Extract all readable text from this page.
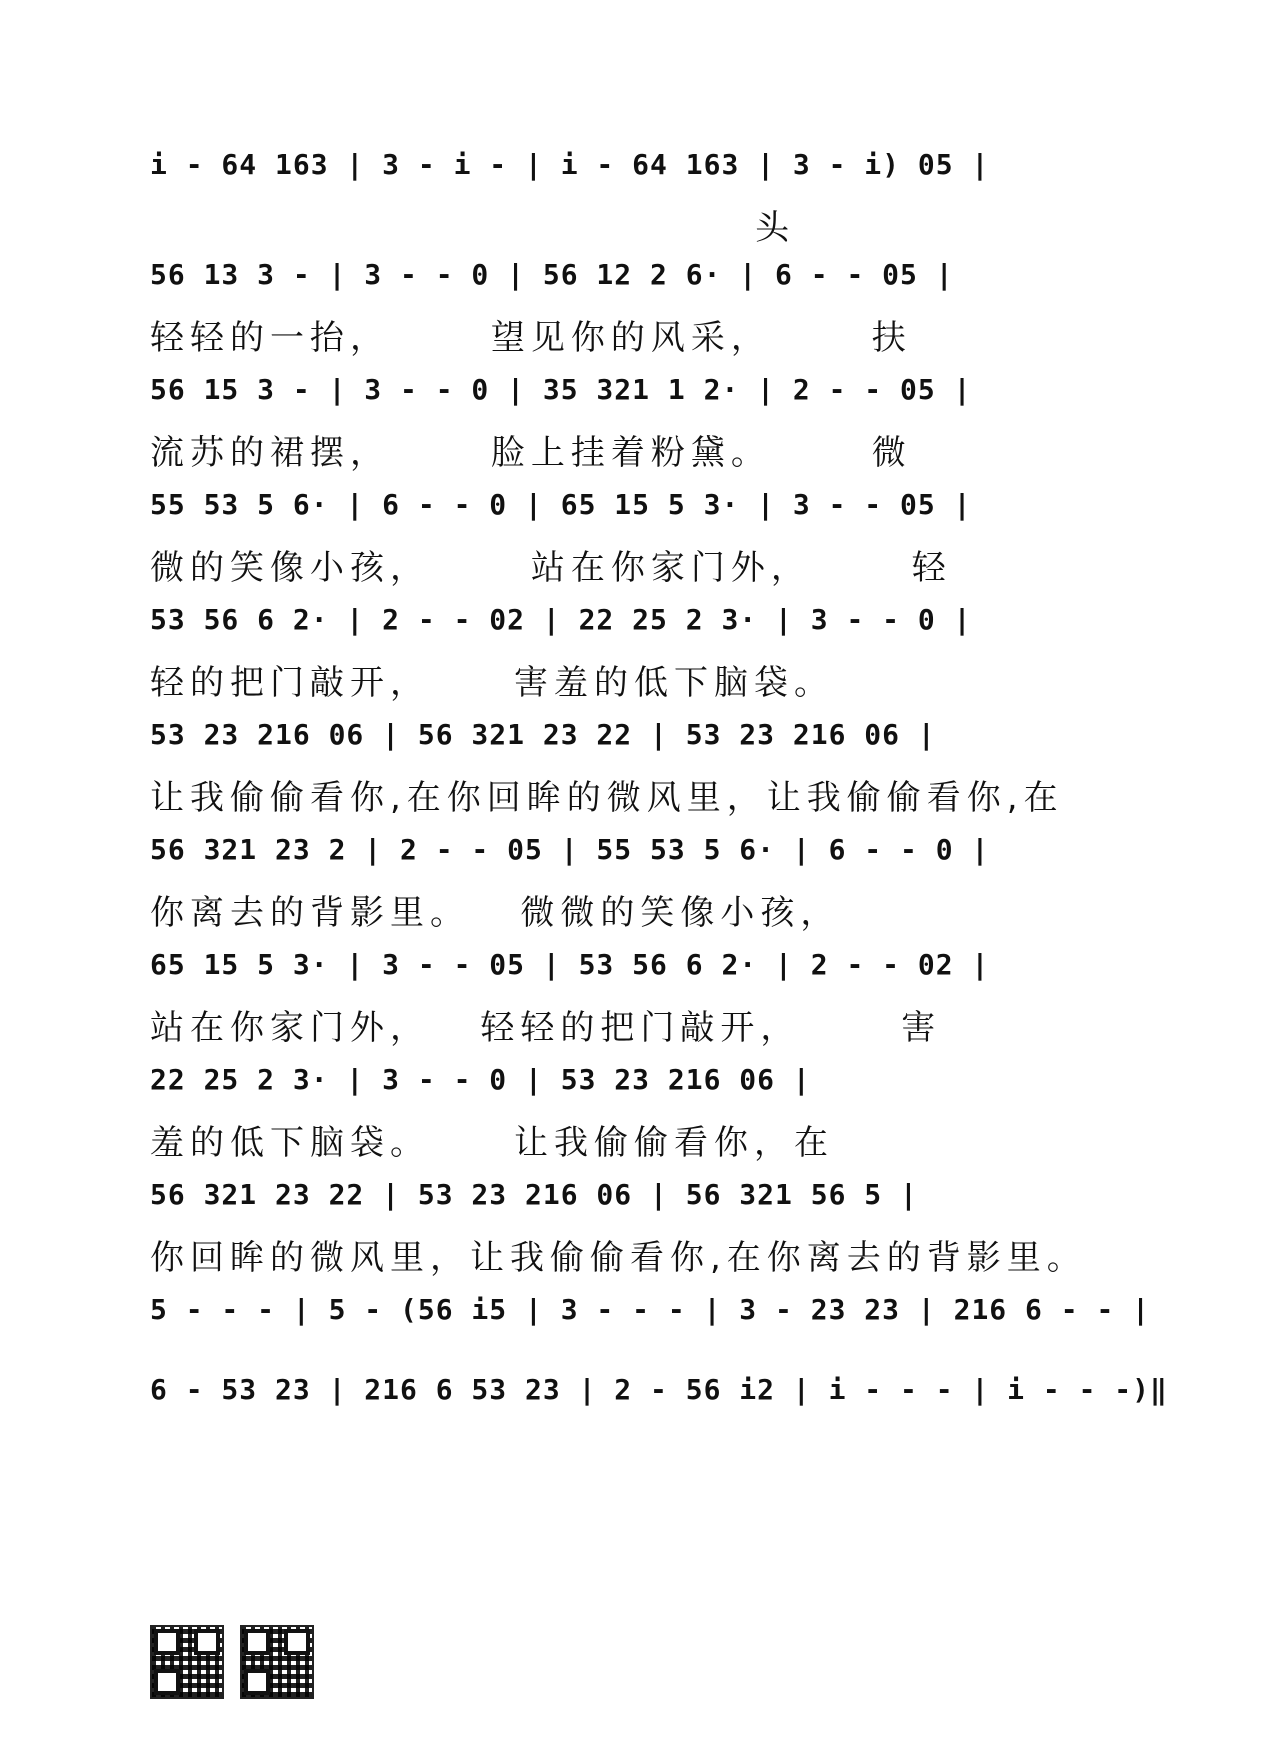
i - 64 163 | 3 - i - | i - 64 163 | 3 - i) 05 |
头
56 13 3 - | 3 - - 0 | 56 12 2 6· | 6 - - 05 |
轻轻的一抬，      望见你的风采，      扶
56 15 3 - | 3 - - 0 | 35 321 1 2· | 2 - - 05 |
流苏的裙摆，      脸上挂着粉黛。      微
55 53 5 6· | 6 - - 0 | 65 15 5 3· | 3 - - 05 |
微的笑像小孩，      站在你家门外，      轻
53 56 6 2· | 2 - - 02 | 22 25 2 3· | 3 - - 0 |
轻的把门敲开，     害羞的低下脑袋。
53 23 216 06 | 56 321 23 22 | 53 23 216 06 |
让我偷偷看你,在你回眸的微风里，让我偷偷看你,在
56 321 23 2 | 2 - - 05 | 55 53 5 6· | 6 - - 0 |
你离去的背影里。   微微的笑像小孩，
65 15 5 3· | 3 - - 05 | 53 56 6 2· | 2 - - 02 |
站在你家门外，   轻轻的把门敲开，      害
22 25 2 3· | 3 - - 0 | 53 23 216 06 |
羞的低下脑袋。     让我偷偷看你，在
56 321 23 22 | 53 23 216 06 | 56 321 56 5 |
你回眸的微风里，让我偷偷看你,在你离去的背影里。
5 - - - | 5 - (56 i5 | 3 - - - | 3 - 23 23 | 216 6 - - |
6 - 53 23 | 216 6 53 23 | 2 - 56 i2 | i - - - | i - - -)‖
